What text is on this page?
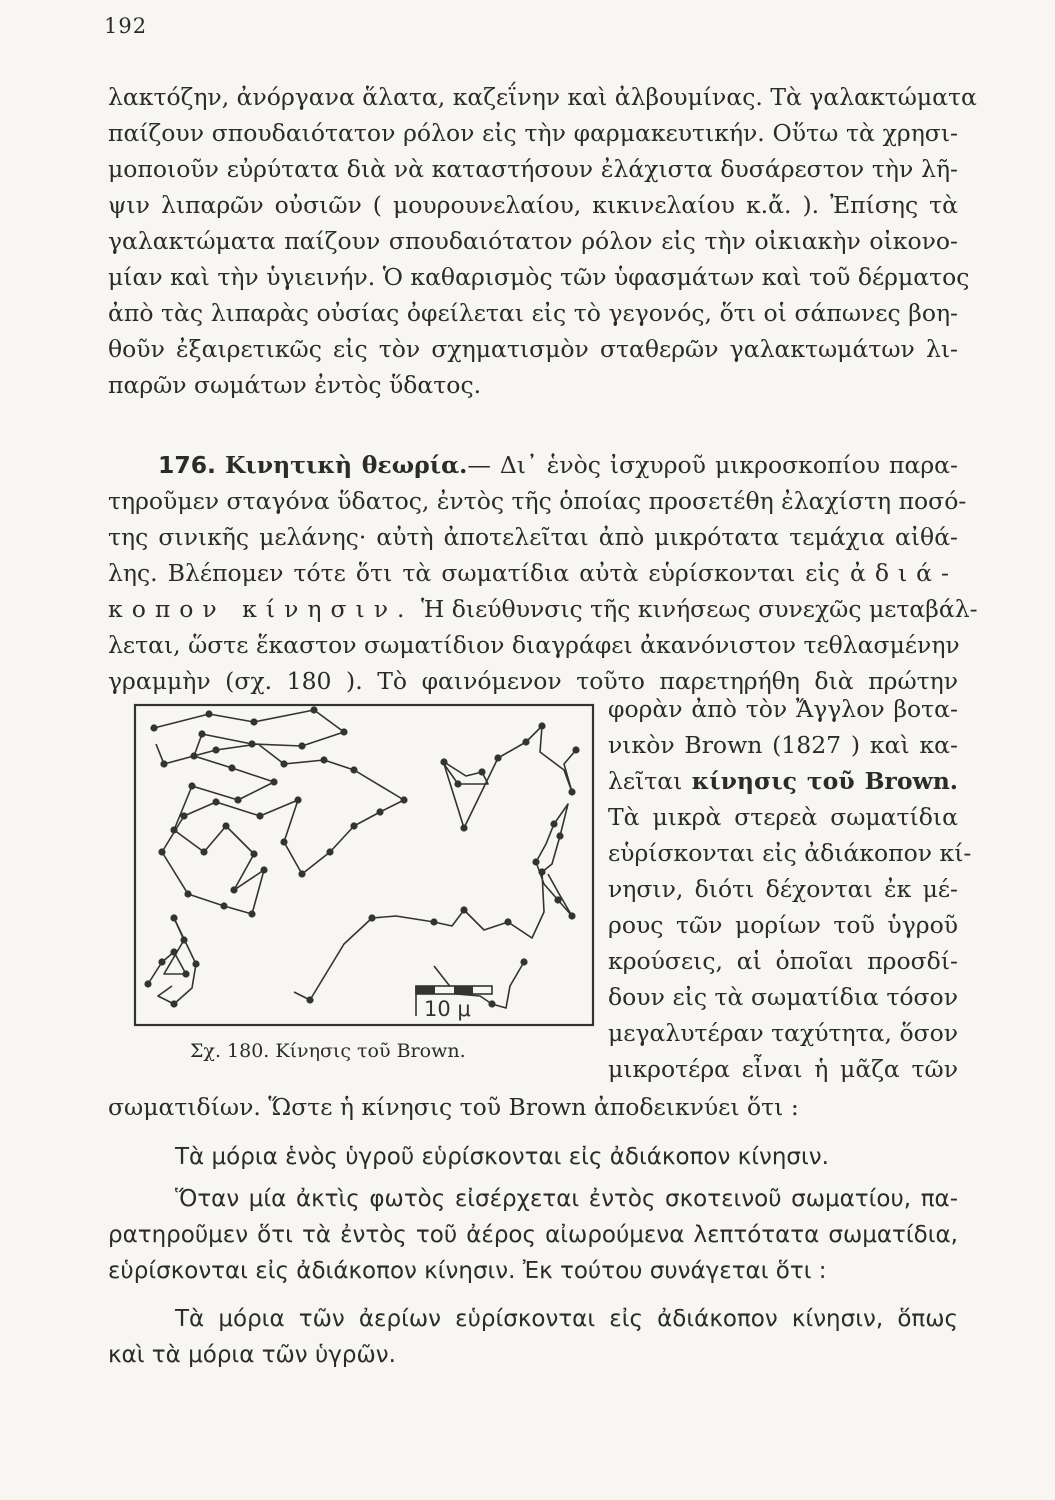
192
λακτόζην, ἀνόργανα ἅλατα, καζεΐνην καὶ ἀλβουμίνας. Τὰ γαλακτώματα
παίζουν σπουδαιότατον ρόλον εἰς τὴν φαρμακευτικήν. Οὕτω τὰ χρησι-
μοποιοῦν εὐρύτατα διὰ νὰ καταστήσουν ἐλάχιστα δυσάρεστον τὴν λῆ-
ψιν λιπαρῶν οὐσιῶν ( μουρουνελαίου, κικινελαίου κ.ἄ. ). Ἐπίσης τὰ
γαλακτώματα παίζουν σπουδαιότατον ρόλον εἰς τὴν οἰκιακὴν οἰκονο-
μίαν καὶ τὴν ὑγιεινήν. Ὁ καθαρισμὸς τῶν ὑφασμάτων καὶ τοῦ δέρματος
ἀπὸ τὰς λιπαρὰς οὐσίας ὀφείλεται εἰς τὸ γεγονός, ὅτι οἱ σάπωνες βοη-
θοῦν ἐξαιρετικῶς εἰς τὸν σχηματισμὸν σταθερῶν γαλακτωμάτων λι-
παρῶν σωμάτων ἐντὸς ὕδατος.
176. Κινητικὴ θεωρία.— Δι᾽ ἑνὸς ἰσχυροῦ μικροσκοπίου παρα-
τηροῦμεν σταγόνα ὕδατος, ἐντὸς τῆς ὁποίας προσετέθη ἐλαχίστη ποσό-
της σινικῆς μελάνης· αὐτὴ ἀποτελεῖται ἀπὸ μικρότατα τεμάχια αἰθά-
λης. Βλέπομεν τότε ὅτι τὰ σωματίδια αὐτὰ εὑρίσκονται εἰς ἀδιά-
κοπον κίνησιν. Ἡ διεύθυνσις τῆς κινήσεως συνεχῶς μεταβάλ-
λεται, ὥστε ἕκαστον σωματίδιον διαγράφει ἀκανόνιστον τεθλασμένην
γραμμὴν (σχ. 180 ). Τὸ φαινόμενον τοῦτο παρετηρήθη διὰ πρώτην
φορὰν ἀπὸ τὸν Ἄγγλον βοτα-
νικὸν Brown (1827 ) καὶ κα-
λεῖται κίνησις τοῦ Brown.
Τὰ μικρὰ στερεὰ σωματίδια
εὑρίσκονται εἰς ἀδιάκοπον κί-
νησιν, διότι δέχονται ἐκ μέ-
ρους τῶν μορίων τοῦ ὑγροῦ
κρούσεις, αἱ ὁποῖαι προσδί-
δουν εἰς τὰ σωματίδια τόσον
μεγαλυτέραν ταχύτητα, ὅσον
μικροτέρα εἶναι ἡ μᾶζα τῶν
σωματιδίων. Ὥστε ἡ κίνησις τοῦ Brown ἀποδεικνύει ὅτι :
10 μ
Σχ. 180. Κίνησις τοῦ Brown.
Τὰ μόρια ἑνὸς ὑγροῦ εὑρίσκονται εἰς ἀδιάκοπον κίνησιν.
Ὅταν μία ἀκτὶς φωτὸς εἰσέρχεται ἐντὸς σκοτεινοῦ σωματίου, πα-
ρατηροῦμεν ὅτι τὰ ἐντὸς τοῦ ἀέρος αἰωρούμενα λεπτότατα σωματίδια,
εὑρίσκονται εἰς ἀδιάκοπον κίνησιν. Ἐκ τούτου συνάγεται ὅτι :
Τὰ μόρια τῶν ἀερίων εὑρίσκονται εἰς ἀδιάκοπον κίνησιν, ὅπως
καὶ τὰ μόρια τῶν ὑγρῶν.
